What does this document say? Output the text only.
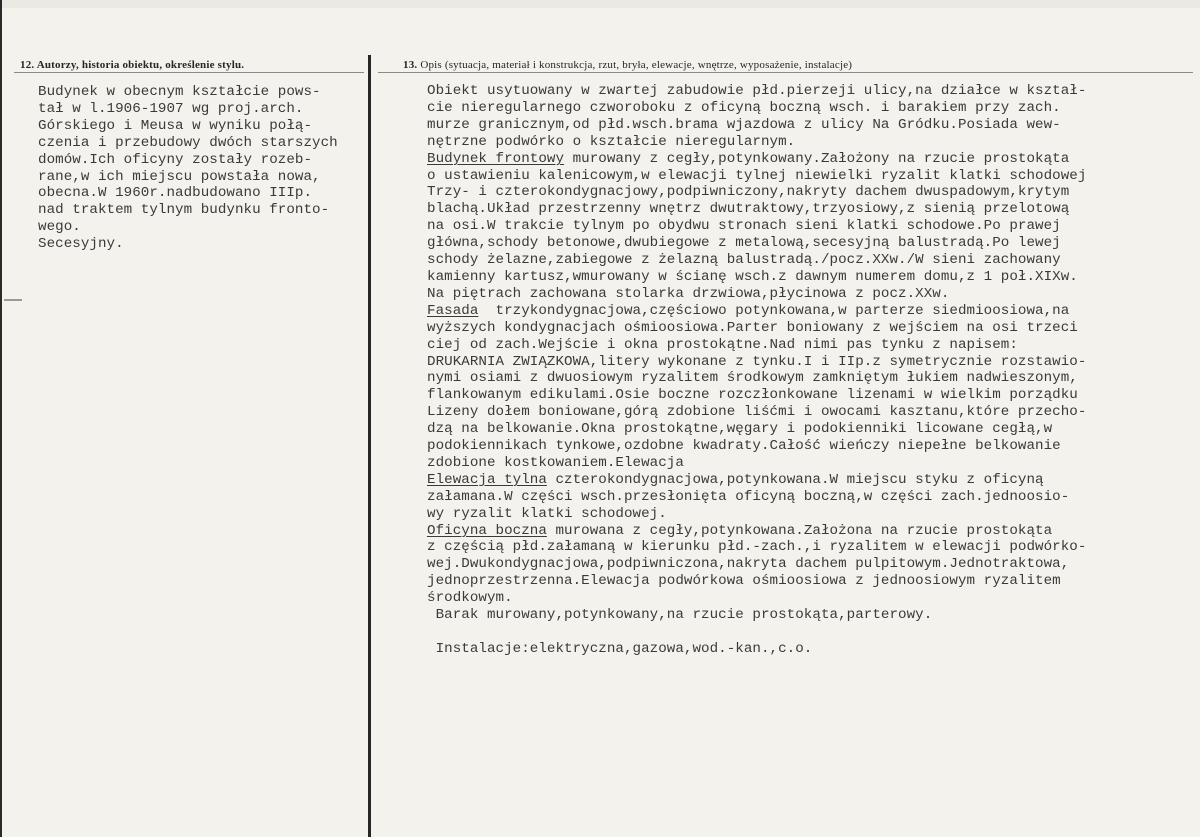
12. Autorzy, historia obiektu, określenie stylu.	13. Opis (sytuacja, materiał i konstrukcja, rzut, bryła, elewacje, wnętrze, wyposażenie, instalacje)
Budynek w obecnym kształcie pows-
tał w l.1906-1907 wg proj.arch.
Górskiego i Meusa w wyniku połą-
czenia i przebudowy dwóch starszych
domów.Ich oficyny zostały rozeb-
rane,w ich miejscu powstała nowa,
obecna.W 1960r.nadbudowano IIIp.
nad traktem tylnym budynku fronto-
wego.
Secesyjny.
Obiekt usytuowany w zwartej zabudowie płd.pierzeji ulicy,na działce w kształ-
cie nieregularnego czworoboku z oficyną boczną wsch. i barakiem przy zach.
murze granicznym,od płd.wsch.brama wjazdowa z ulicy Na Gródku.Posiada wew-
nętrzne podwórko o kształcie nieregularnym.
Budynek frontowy murowany z cegły,potynkowany.Założony na rzucie prostokąta
o ustawieniu kalenicowym,w elewacji tylnej niewielki ryzalit klatki schodowej
Trzy- i czterokondygnacjowy,podpiwniczony,nakryty dachem dwuspadowym,krytym
blachą.Układ przestrzenny wnętrz dwutraktowy,trzyosiowy,z sienią przelotową
na osi.W trakcie tylnym po obydwu stronach sieni klatki schodowe.Po prawej
główna,schody betonowe,dwubiegowe z metalową,secesyjną balustradą.Po lewej
schody żelazne,zabiegowe z żelazną balustradą./pocz.XXw./W sieni zachowany
kamienny kartusz,wmurowany w ścianę wsch.z dawnym numerem domu,z 1 poł.XIXw.
Na piętrach zachowana stolarka drzwiowa,płycinowa z pocz.XXw.
Fasada  trzykondygnacjowa,częściowo potynkowana,w parterze siedmioosiowa,na
wyższych kondygnacjach ośmioosiowa.Parter boniowany z wejściem na osi trzeci
ciej od zach.Wejście i okna prostokątne.Nad nimi pas tynku z napisem:
DRUKARNIA ZWIĄZKOWA,litery wykonane z tynku.I i IIp.z symetrycznie rozstawio-
nymi osiami z dwuosiowym ryzalitem środkowym zamkniętym łukiem nadwieszonym,
flankowanym edikulami.Osie boczne rozczłonkowane lizenami w wielkim porządku
Lizeny dołem boniowane,górą zdobione liśćmi i owocami kasztanu,które przecho-
dzą na belkowanie.Okna prostokątne,węgary i podokienniki licowane cegłą,w
podokiennikach tynkowe,ozdobne kwadraty.Całość wieńczy niepełne belkowanie
zdobione kostkowaniem.Elewacja
Elewacja tylna czterokondygnacjowa,potynkowana.W miejscu styku z oficyną
załamana.W części wsch.przesłonięta oficyną boczną,w części zach.jednoosio-
wy ryzalit klatki schodowej.
Oficyna boczna murowana z cegły,potynkowana.Założona na rzucie prostokąta
z częścią płd.załamaną w kierunku płd.-zach.,i ryzalitem w elewacji podwórko-
wej.Dwukondygnacjowa,podpiwniczona,nakryta dachem pulpitowym.Jednotraktowa,
jednoprzestrzenna.Elewacja podwórkowa ośmioosiowa z jednoosiowym ryzalitem
środkowym.
Barak murowany,potynkowany,na rzucie prostokąta,parterowy.

Instalacje:elektryczna,gazowa,wod.-kan.,c.o.
